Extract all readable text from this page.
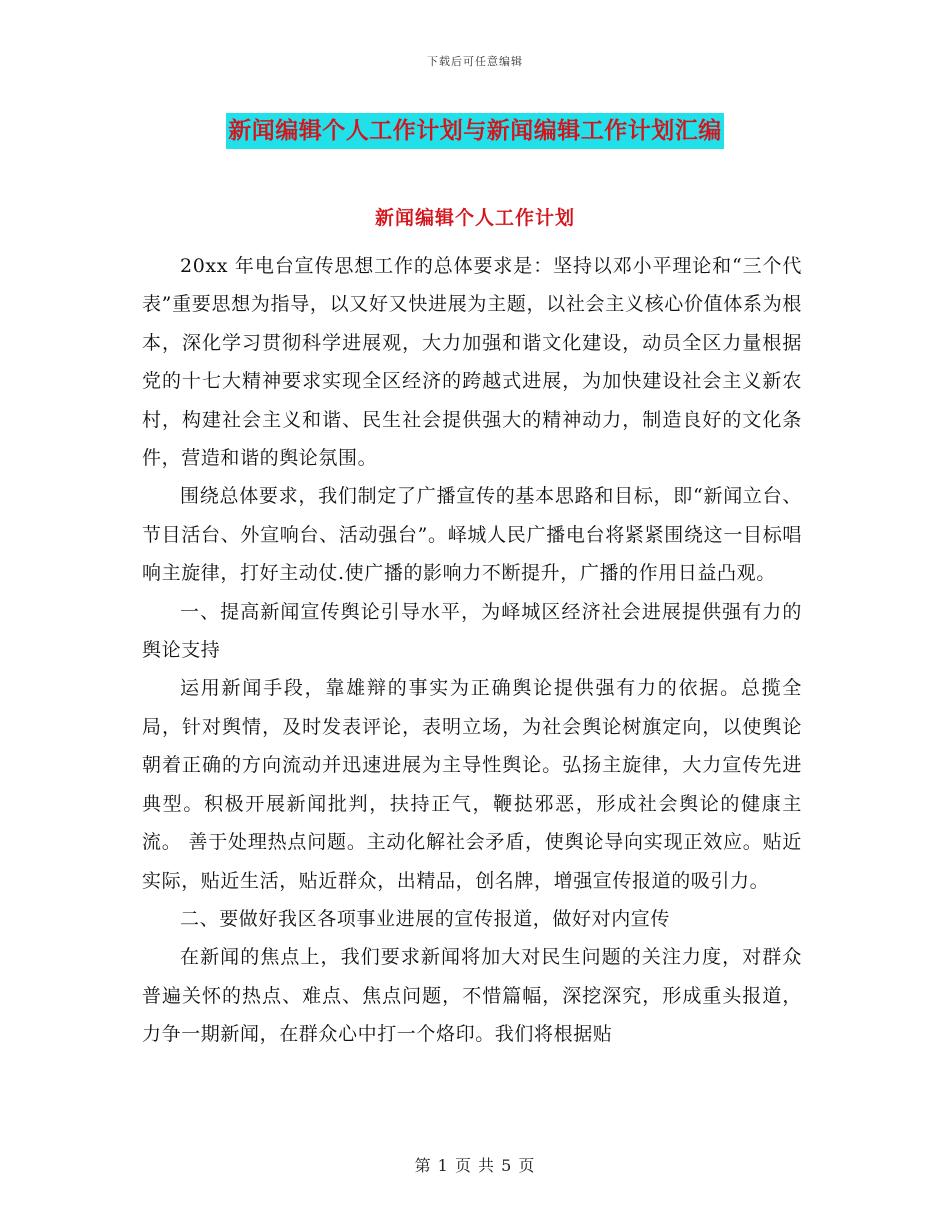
下载后可任意编辑
新闻编辑个人工作计划与新闻编辑工作计划汇编
新闻编辑个人工作计划

20xx 年电台宣传思想工作的总体要求是：坚持以邓小平理论和“三个代表”重要思想为指导，以又好又快进展为主题，以社会主义核心价值体系为根本，深化学习贯彻科学进展观，大力加强和谐文化建设，动员全区力量根据党的十七大精神要求实现全区经济的跨越式进展，为加快建设社会主义新农村，构建社会主义和谐、民生社会提供强大的精神动力，制造良好的文化条件，营造和谐的舆论氛围。

围绕总体要求，我们制定了广播宣传的基本思路和目标，即“新闻立台、节目活台、外宣响台、活动强台”。峄城人民广播电台将紧紧围绕这一目标唱响主旋律，打好主动仗.使广播的影响力不断提升，广播的作用日益凸观。

一、提高新闻宣传舆论引导水平，为峄城区经济社会进展提供强有力的舆论支持

运用新闻手段，靠雄辩的事实为正确舆论提供强有力的依据。总揽全局，针对舆情，及时发表评论，表明立场，为社会舆论树旗定向，以使舆论朝着正确的方向流动并迅速进展为主导性舆论。弘扬主旋律，大力宣传先进典型。积极开展新闻批判，扶持正气，鞭挞邪恶，形成社会舆论的健康主流。 善于处理热点问题。主动化解社会矛盾，使舆论导向实现正效应。贴近实际，贴近生活，贴近群众，出精品，创名牌，增强宣传报道的吸引力。

二、要做好我区各项事业进展的宣传报道，做好对内宣传

在新闻的焦点上，我们要求新闻将加大对民生问题的关注力度，对群众普遍关怀的热点、难点、焦点问题，不惜篇幅，深挖深究，形成重头报道，力争一期新闻，在群众心中打一个烙印。我们将根据贴

第 1 页 共 5 页
